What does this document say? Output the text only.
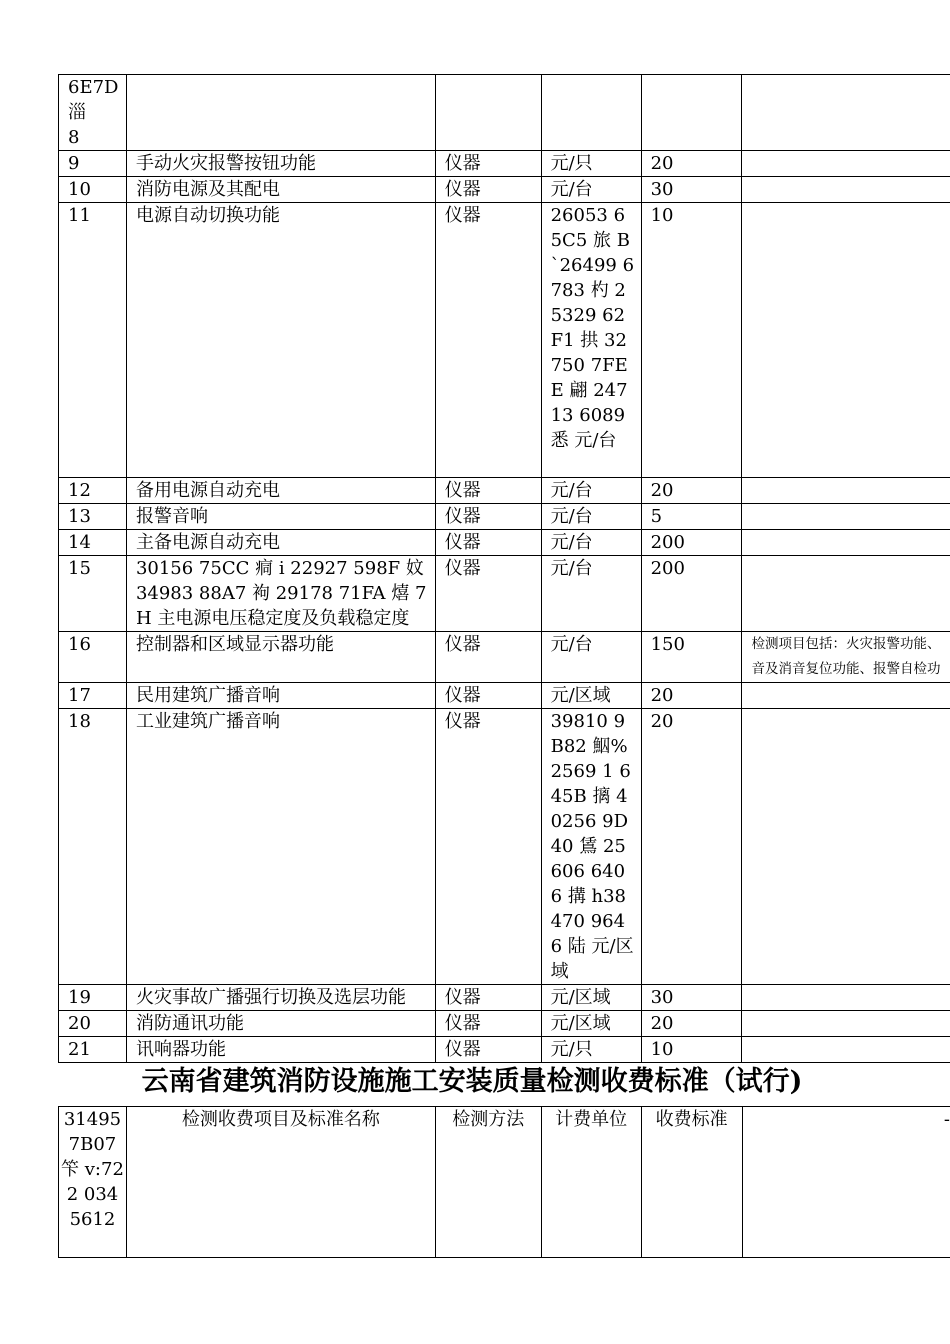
6E7D
淄
8					
9	手动火灾报警按钮功能	仪器	元/只	20	
10	消防电源及其配电	仪器	元/台	30	
11	电源自动切换功能	仪器	26053 65C5 旅 B`26499 6783 杓 25329 62F1 拱 32750 7FEE 翩 24713 6089 悉 元/台	10	
12	备用电源自动充电	仪器	元/台	20	
13	报警音响	仪器	元/台	5	
14	主备电源自动充电	仪器	元/台	200	
15	30156 75CC 痌 i 22927 598F 妏 34983 88A7 袧 29178 71FA 熺 7H 主电源电压稳定度及负载稳定度	仪器	元/台	200	
16	控制器和区域显示器功能	仪器	元/台	150	检测项目包括：火灾报警功能、
音及消音复位功能、报警自检功
17	民用建筑广播音响	仪器	元/区域	20	
18	工业建筑广播音响	仪器	39810 9B82 鮂%2569 1 645B 摛 40256 9D40 鵀 25606 6406 搆 h38470 9646 陆 元/区域	20	
19	火灾事故广播强行切换及选层功能	仪器	元/区域	30	
20	消防通讯功能	仪器	元/区域	20	
21	讯响器功能	仪器	元/只	10	
云南省建筑消防设施施工安装质量检测收费标准（试行)
31495 7B07 笇 v:722 034 5612	检测收费项目及标准名称	检测方法	计费单位	收费标准	-
